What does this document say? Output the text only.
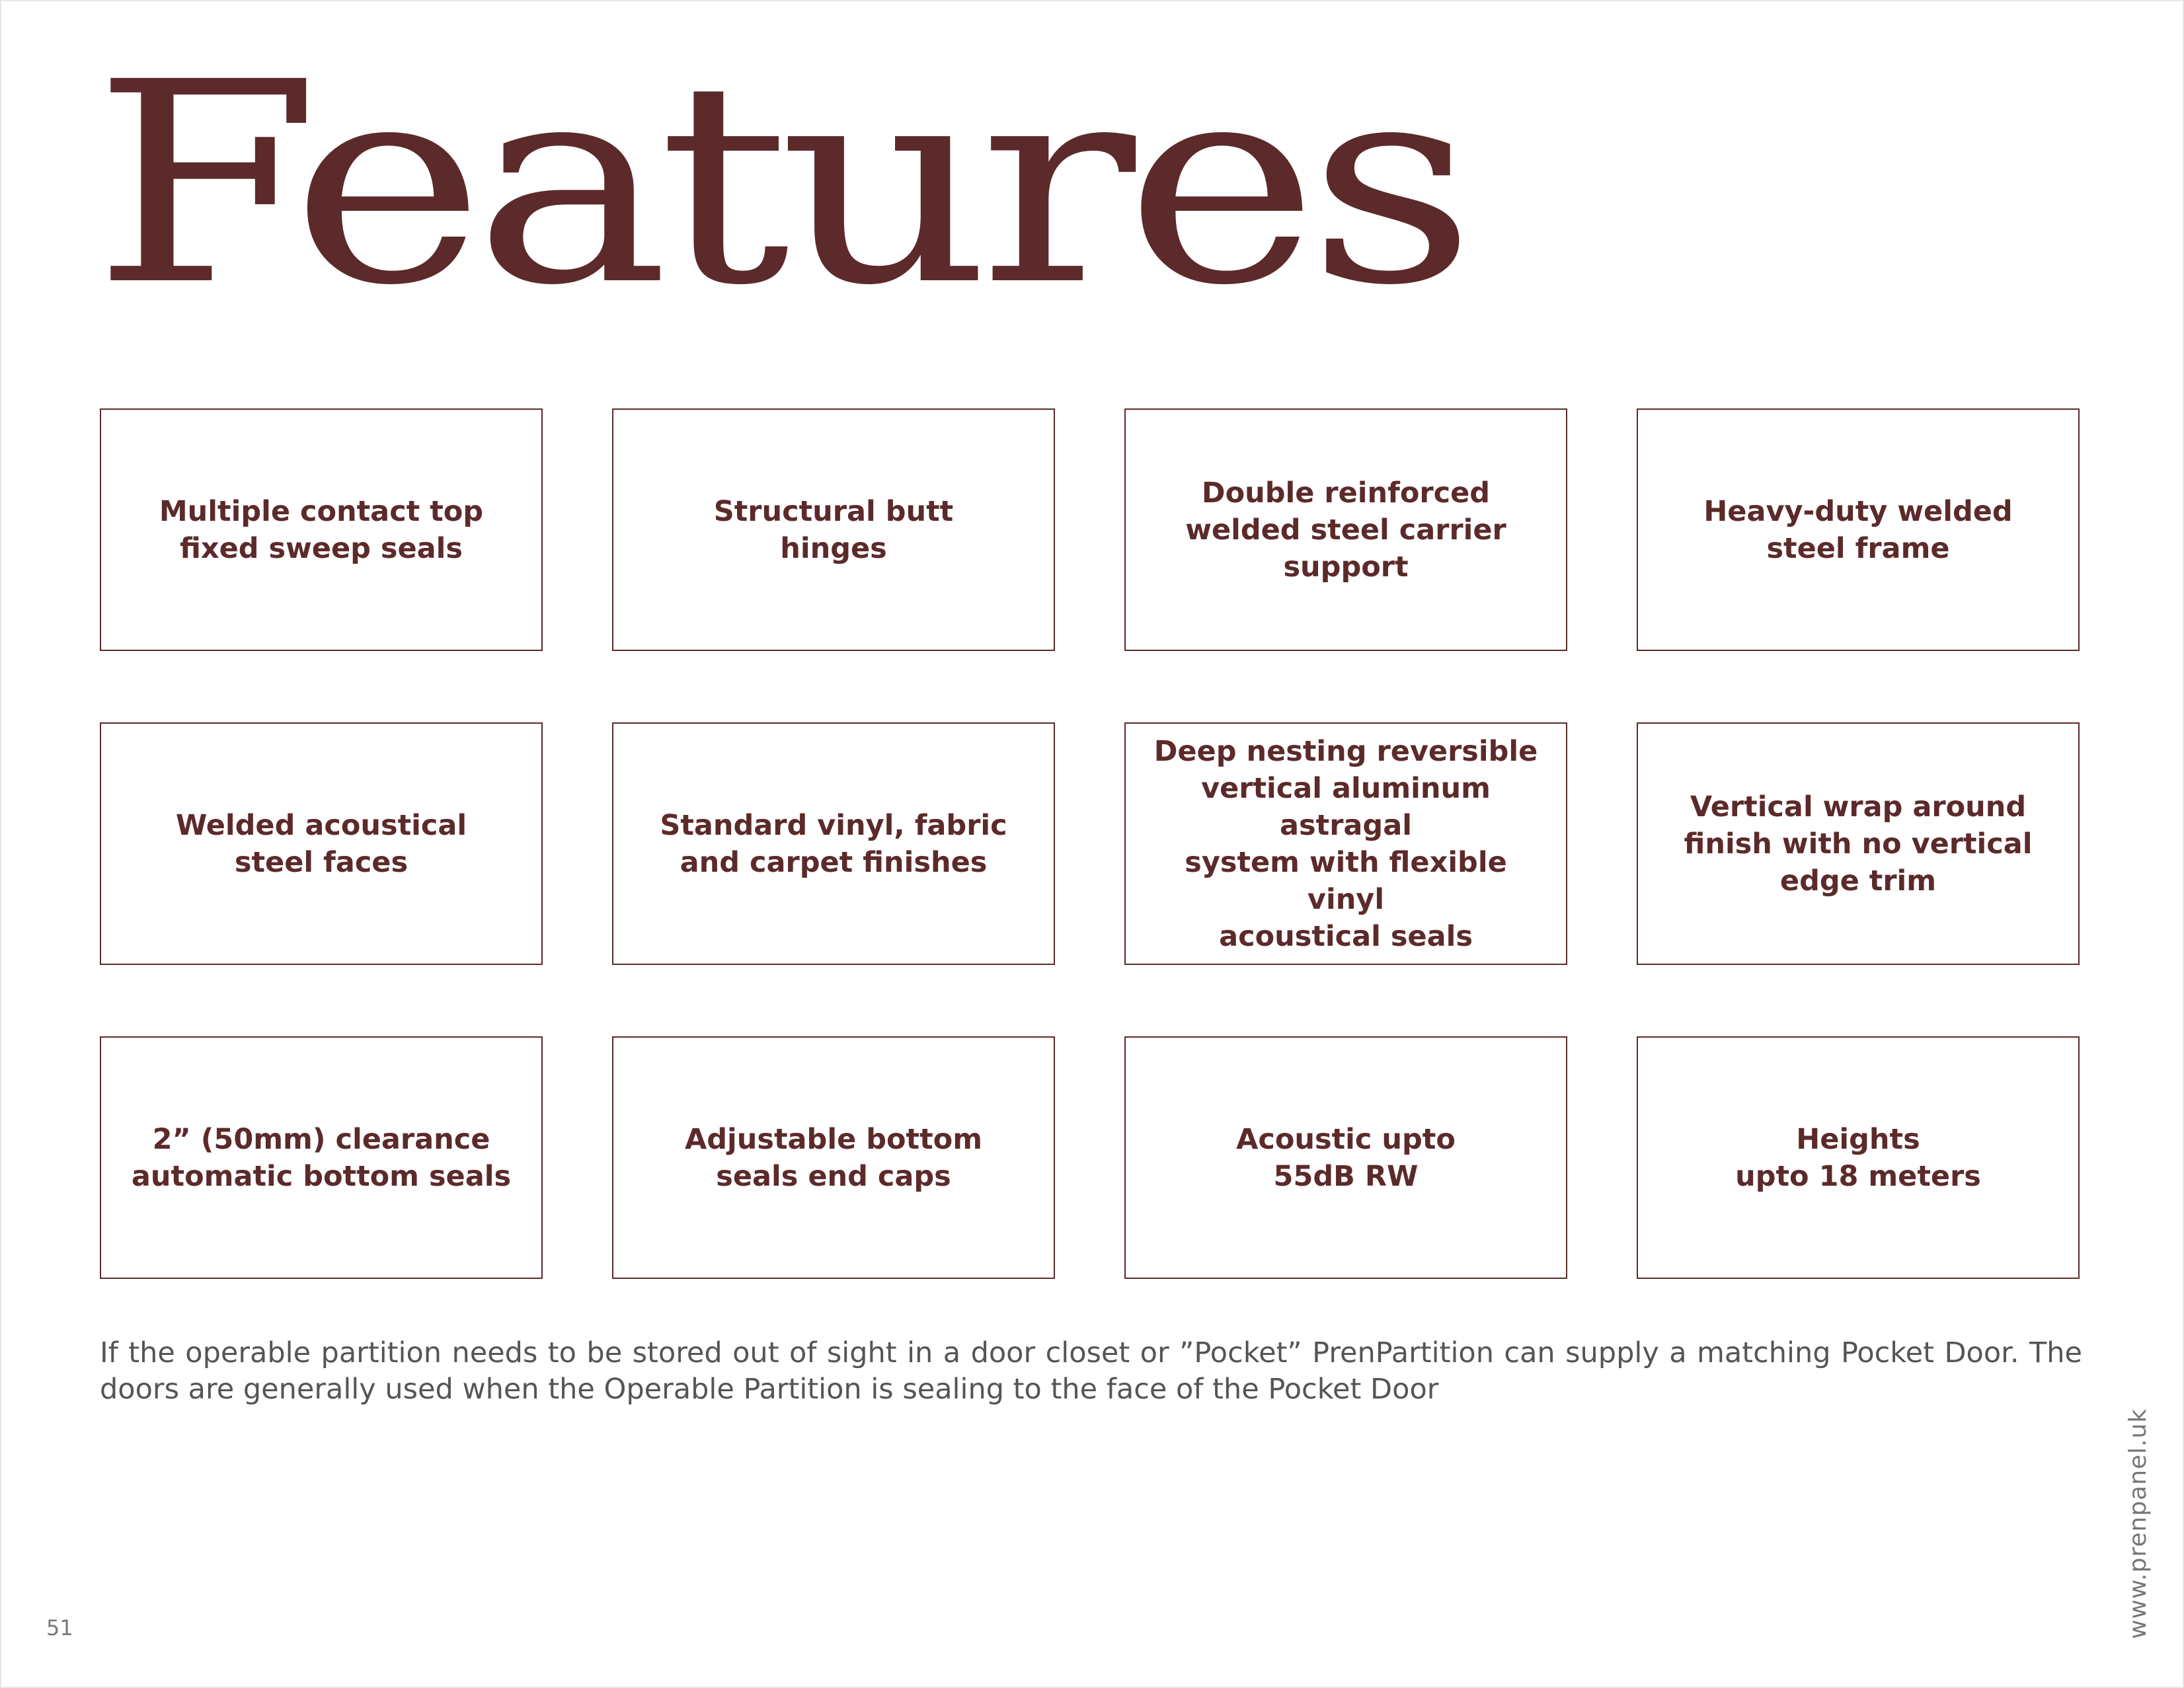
Features
Multiple contact top
fixed sweep seals
Structural butt
hinges
Double reinforced
welded steel carrier
support
Heavy-duty welded
steel frame
Welded acoustical
steel faces
Standard vinyl, fabric
and carpet finishes
Deep nesting reversible
vertical aluminum astragal
system with flexible vinyl
acoustical seals
Vertical wrap around
finish with no vertical
edge trim
2” (50mm) clearance
automatic bottom seals
Adjustable bottom
seals end caps
Acoustic upto
55dB RW
Heights
upto 18 meters

If the operable partition needs to be stored out of sight in a door closet or ”Pocket” PrenPartition can supply a matching Pocket Door. The doors are generally used when the Operable Partition is sealing to the face of the Pocket Door

51	www.prenpanel.uk
